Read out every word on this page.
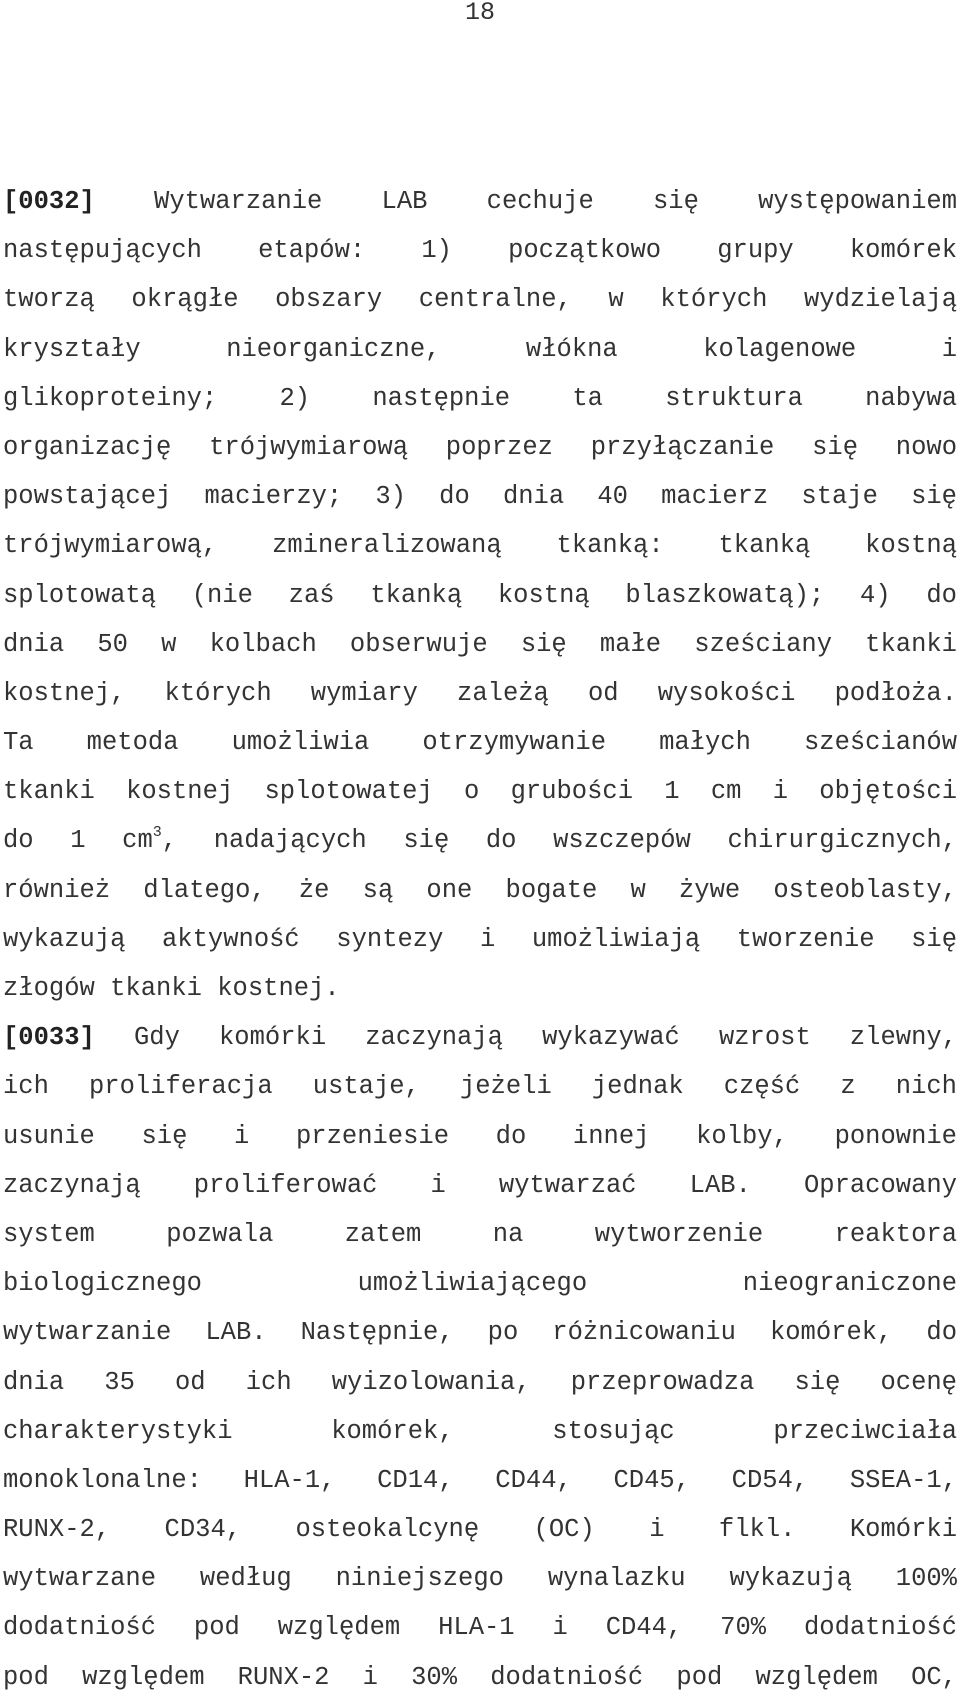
18
[0032] Wytwarzanie LAB cechuje się występowaniem
następujących etapów: 1) początkowo grupy komórek
tworzą okrągłe obszary centralne, w których wydzielają
kryształy nieorganiczne, włókna kolagenowe i
glikoproteiny; 2) następnie ta struktura nabywa
organizację trójwymiarową poprzez przyłączanie się nowo
powstającej macierzy; 3) do dnia 40 macierz staje się
trójwymiarową, zmineralizowaną tkanką: tkanką kostną
splotowatą (nie zaś tkanką kostną blaszkowatą); 4) do
dnia 50 w kolbach obserwuje się małe sześciany tkanki
kostnej, których wymiary zależą od wysokości podłoża.
Ta metoda umożliwia otrzymywanie małych sześcianów
tkanki kostnej splotowatej o grubości 1 cm i objętości
do 1 $cm^3$, nadających się do wszczepów chirurgicznych,
również dlatego, że są one bogate w żywe osteoblasty,
wykazują aktywność syntezy i umożliwiają tworzenie się
złogów tkanki kostnej.
[0033] Gdy komórki zaczynają wykazywać wzrost zlewny,
ich proliferacja ustaje, jeżeli jednak część z nich
usunie się i przeniesie do innej kolby, ponownie
zaczynają proliferować i wytwarzać LAB. Opracowany
system pozwala zatem na wytworzenie reaktora
biologicznego umożliwiającego nieograniczone
wytwarzanie LAB. Następnie, po różnicowaniu komórek, do
dnia 35 od ich wyizolowania, przeprowadza się ocenę
charakterystyki komórek, stosując przeciwciała
monoklonalne: HLA-1, CD14, CD44, CD45, CD54, SSEA-1,
RUNX-2, CD34, osteokalcynę (OC) i flkl. Komórki
wytwarzane według niniejszego wynalazku wykazują 100%
dodatniość pod względem HLA-1 i CD44, 70% dodatniość
pod względem RUNX-2 i 30% dodatniość pod względem OC,
